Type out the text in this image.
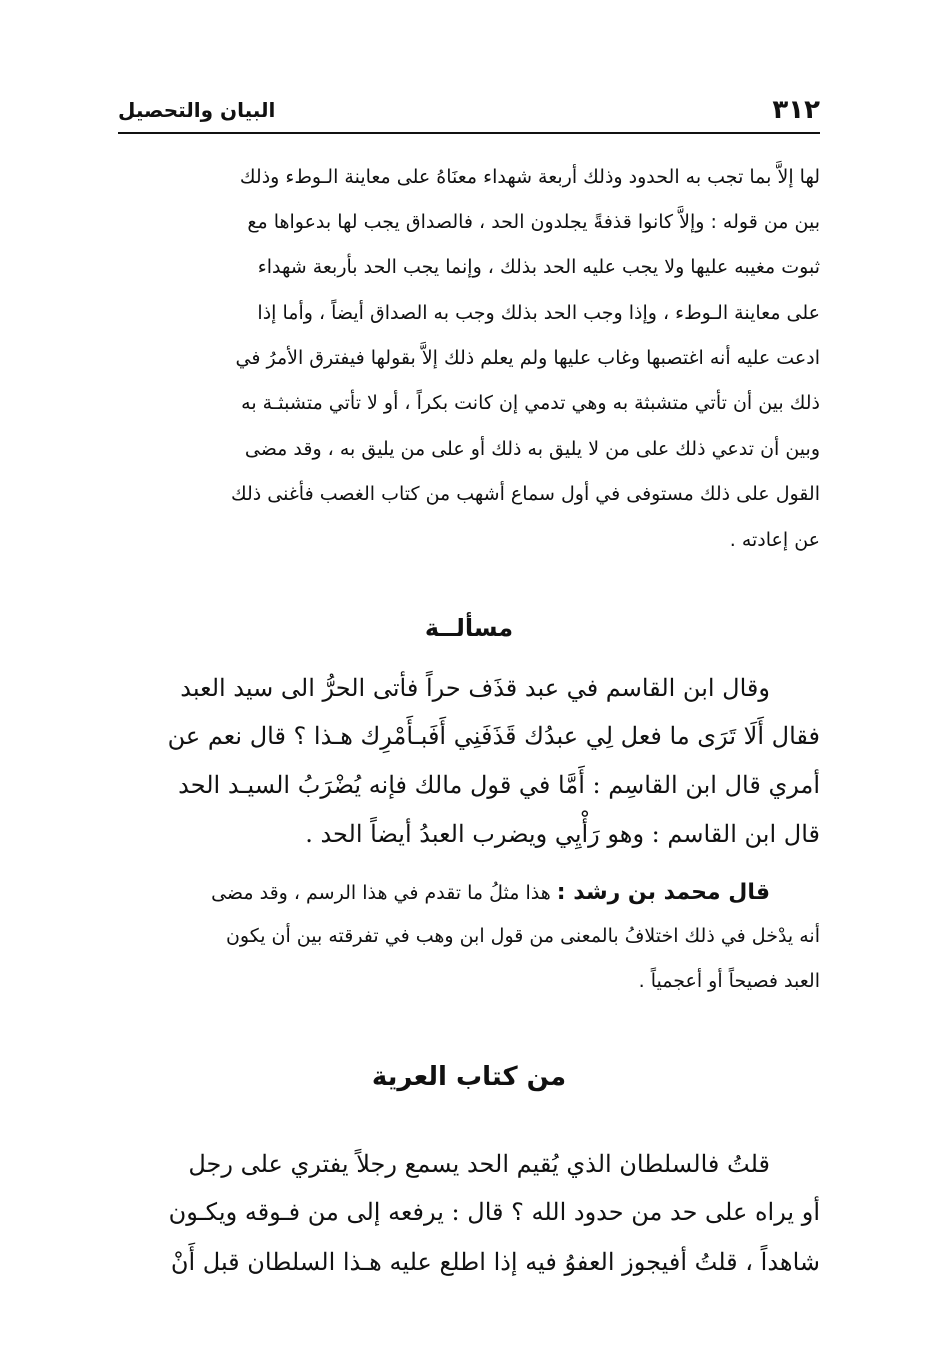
٣١٢
البيان والتحصيل
لها إلاَّ بما تجب به الحدود وذلك أربعة شهداء معنَاهُ على معاينة الـوطء وذلك
بين من قوله : وإلاَّ كانوا قذفةً يجلدون الحد ، فالصداق يجب لها بدعواها مع
ثبوت مغيبه عليها ولا يجب عليه الحد بذلك ، وإنما يجب الحد بأربعة شهداء
على معاينة الـوطء ، وإذا وجب الحد بذلك وجب به الصداق أيضاً ، وأما إذا
ادعت عليه أنه اغتصبها وغاب عليها ولم يعلم ذلك إلاَّ بقولها فيفترق الأمرُ في
ذلك بين أن تأتي متشبثة به وهي تدمي إن كانت بكراً ، أو لا تأتي متشبثـة به
وبين أن تدعي ذلك على من لا يليق به ذلك أو على من يليق به ، وقد مضى
القول على ذلك مستوفى في أول سماع أشهب من كتاب الغصب فأغنى ذلك
عن إعادته .
مسألــة
وقال ابن القاسم في عبد قذَف حراً فأتى الحرُّ الى سيد العبد
فقال أَلَا تَرَى ما فعل لِي عبدُك قَذَفَنِي أَفَبـأَمْرِك هـذا ؟ قال نعم عن
أمري قال ابن القاسِم : أَمَّا في قول مالك فإنه يُضْرَبُ السيـد الحد
قال ابن القاسم : وهو رَأْيِي ويضرب العبدُ أيضاً الحد .
قال محمد بن رشد : هذا مثلُ ما تقدم في هذا الرسم ، وقد مضى
أنه يدْخل في ذلك اختلافُ بالمعنى من قول ابن وهب في تفرقته بين أن يكون
العبد فصيحاً أو أعجمياً .
من كتاب العرية
قلتُ فالسلطان الذي يُقيم الحد يسمع رجلاً يفتري على رجل
أو يراه على حد من حدود الله ؟ قال : يرفعه إلى من فـوقه ويكـون
شاهداً ، قلتُ أفيجوز العفوُ فيه إذا اطلع عليه هـذا السلطان قبل أَنْ
